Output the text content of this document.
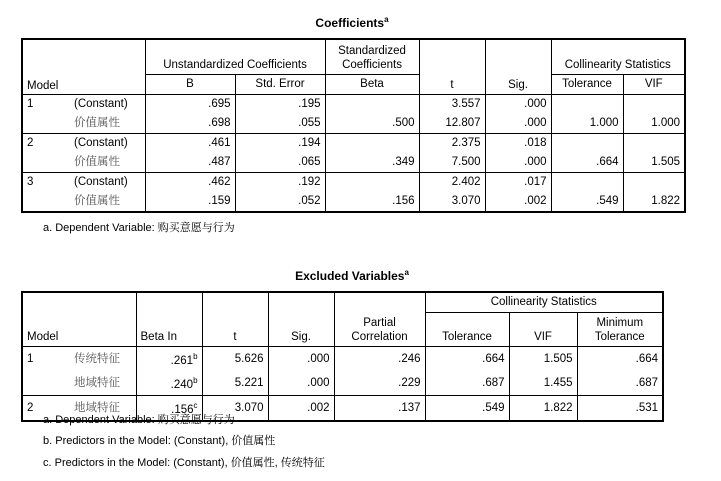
Coefficients$^a$
Model		Unstandardized Coefficients		Standardized Coefficients	t	Sig.	Collinearity Statistics	
		B	Std. Error	Beta			Tolerance	VIF
1	(Constant)	.695	.195		3.557	.000		
	价值属性	.698	.055	.500	12.807	.000	1.000	1.000
2	(Constant)	.461	.194		2.375	.018		
	价值属性	.487	.065	.349	7.500	.000	.664	1.505
3	(Constant)	.462	.192		2.402	.017		
	价值属性	.159	.052	.156	3.070	.002	.549	1.822
a. Dependent Variable: 购买意愿与行为
Excluded Variables$^a$
Model		Beta In	t	Sig.	Partial Correlation	Collinearity Statistics		
						Tolerance	VIF	Minimum Tolerance
1	传统特征	.261$^b$	5.626	.000	.246	.664	1.505	.664
	地域特征	.240$^b$	5.221	.000	.229	.687	1.455	.687
2	地域特征	.156$^c$	3.070	.002	.137	.549	1.822	.531
a. Dependent Variable: 购买意愿与行为
b. Predictors in the Model: (Constant), 价值属性
c. Predictors in the Model: (Constant), 价值属性, 传统特征
